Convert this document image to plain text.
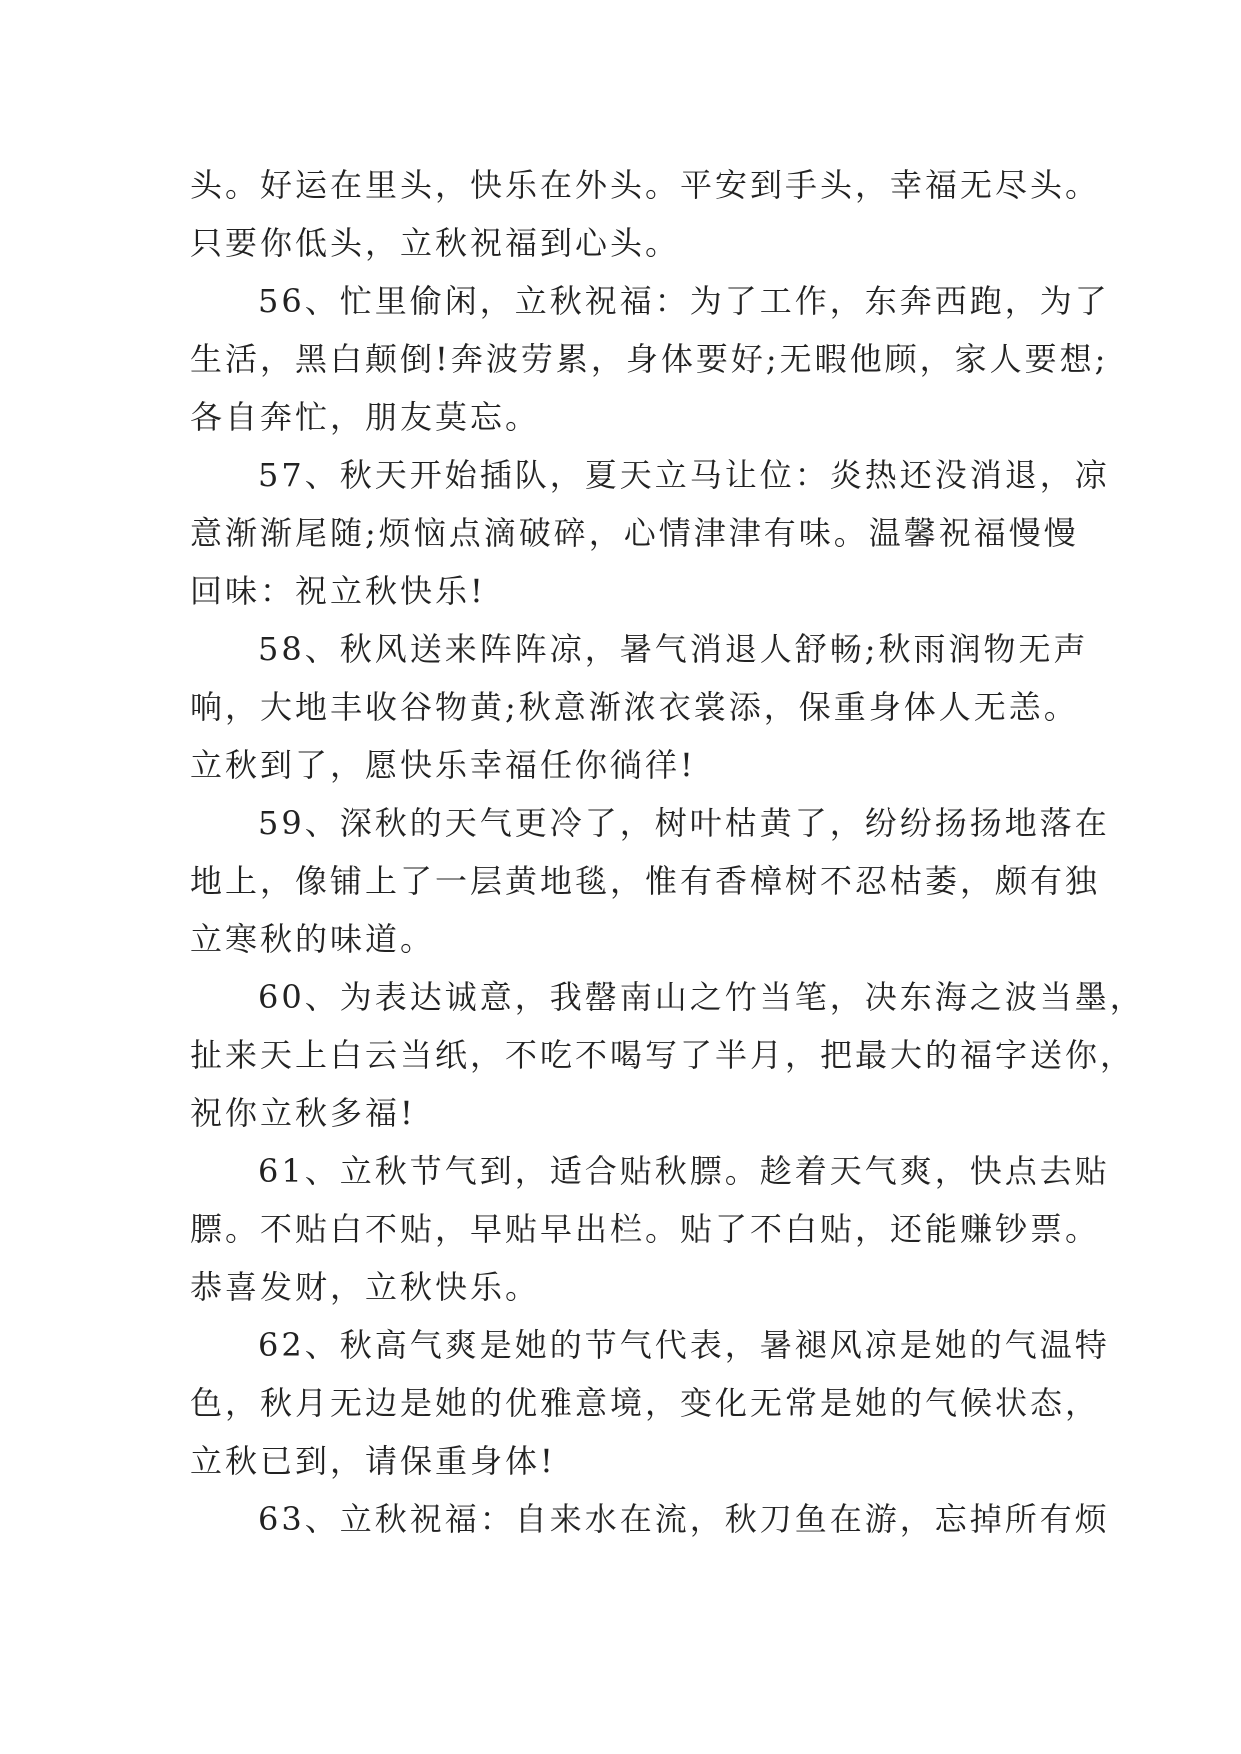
头。好运在里头，快乐在外头。平安到手头，幸福无尽头。
只要你低头，立秋祝福到心头。
56、忙里偷闲，立秋祝福：为了工作，东奔西跑，为了
生活，黑白颠倒!奔波劳累，身体要好;无暇他顾，家人要想;
各自奔忙，朋友莫忘。
57、秋天开始插队，夏天立马让位：炎热还没消退，凉
意渐渐尾随;烦恼点滴破碎，心情津津有味。温馨祝福慢慢
回味：祝立秋快乐!
58、秋风送来阵阵凉，暑气消退人舒畅;秋雨润物无声
响，大地丰收谷物黄;秋意渐浓衣裳添，保重身体人无恙。
立秋到了，愿快乐幸福任你徜徉!
59、深秋的天气更冷了，树叶枯黄了，纷纷扬扬地落在
地上，像铺上了一层黄地毯，惟有香樟树不忍枯萎，颇有独
立寒秋的味道。
60、为表达诚意，我罄南山之竹当笔，决东海之波当墨，
扯来天上白云当纸，不吃不喝写了半月，把最大的福字送你，
祝你立秋多福!
61、立秋节气到，适合贴秋膘。趁着天气爽，快点去贴
膘。不贴白不贴，早贴早出栏。贴了不白贴，还能赚钞票。
恭喜发财，立秋快乐。
62、秋高气爽是她的节气代表，暑褪风凉是她的气温特
色，秋月无边是她的优雅意境，变化无常是她的气候状态，
立秋已到，请保重身体!
63、立秋祝福：自来水在流，秋刀鱼在游，忘掉所有烦
